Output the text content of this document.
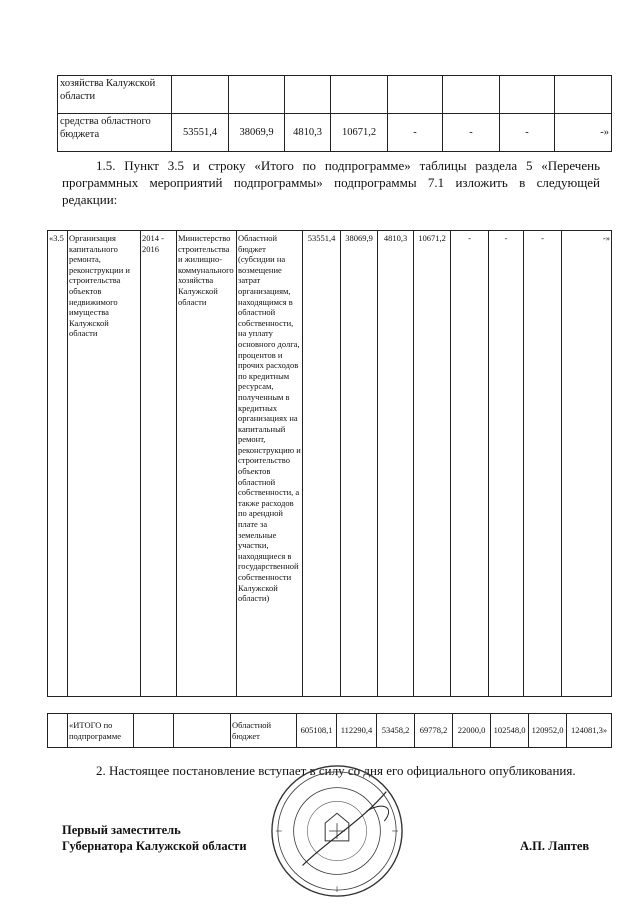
хозяйства Калужской области								
средства областного бюджета	53551,4	38069,9	4810,3	10671,2	-	-	-	-»
1.5. Пункт 3.5 и строку «Итого по подпрограмме» таблицы раздела 5 «Перечень программных мероприятий подпрограммы» подпрограммы 7.1 изложить в следующей редакции:
«3.5	Организация капитального ремонта, реконструкции и строительства объектов недвижимого имущества Калужской области	2014 - 2016	Министерство строительства и жилищно-коммунального хозяйства Калужской области	Областной бюджет (субсидии на возмещение затрат организациям, находящимся в областной собственности, на уплату основного долга, процентов и прочих расходов по кредитным ресурсам, полученным в кредитных организациях на капитальный ремонт, реконструкцию и строительство объектов областной собственности, а также расходов по арендной плате за земельные участки, находящиеся в государственной собственности Калужской области)	53551,4	38069,9	4810,3	10671,2	-	-	-	-»
	«ИТОГО по подпрограмме			Областной бюджет	605108,1	112290,4	53458,2	69778,2	22000,0	102548,0	120952,0	124081,3»
2. Настоящее постановление вступает в силу со дня его официального опубликования.
Первый заместитель
Губернатора Калужской области	А.П. Лаптев
